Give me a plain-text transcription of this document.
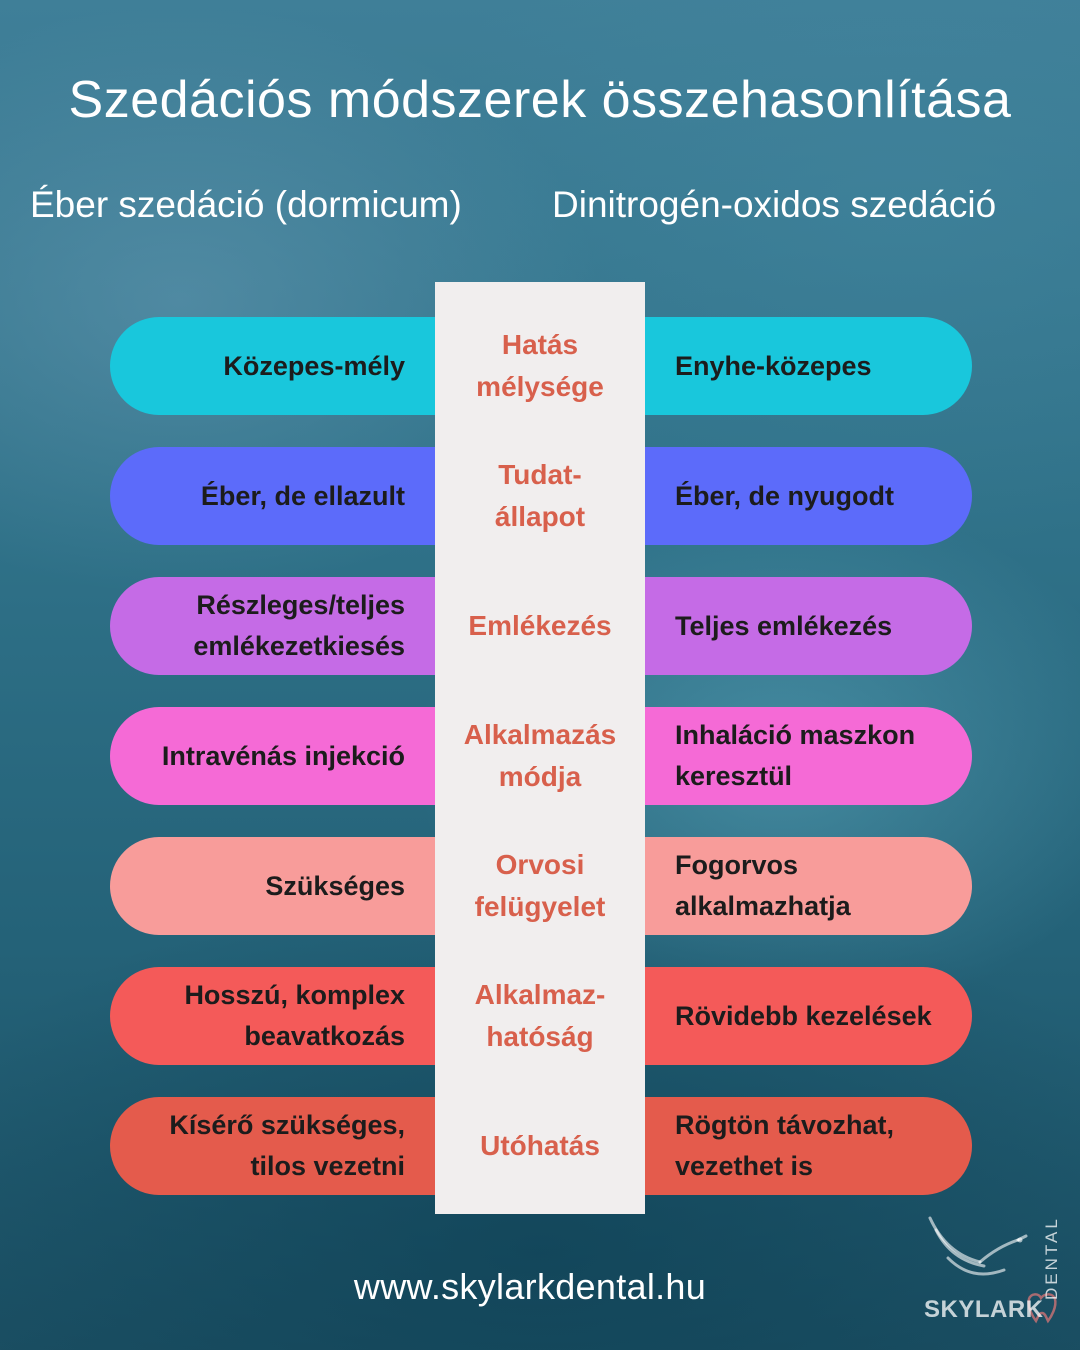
Szedációs módszerek összehasonlítása
Éber szedáció (dormicum) Dinitrogén-oxidos szedáció
Közepes-mély	Enyhe-közepes
Hatás
mélysége
Éber, de ellazult	Éber, de nyugodt
Tudat-
állapot
Részleges/teljes
emlékezetkiesés
Teljes emlékezés
Emlékezés
Intravénás injekció
Inhaláció maszkon
keresztül
Alkalmazás
módja
Szükséges
Fogorvos
alkalmazhatja
Orvosi
felügyelet
Hosszú, komplex
beavatkozás
Rövidebb kezelések
Alkalmaz-
hatóság
Kísérő szükséges,
tilos vezetni
Rögtön távozhat,
vezethet is
Utóhatás
www.skylarkdental.hu
SKYLARK
DENTAL
